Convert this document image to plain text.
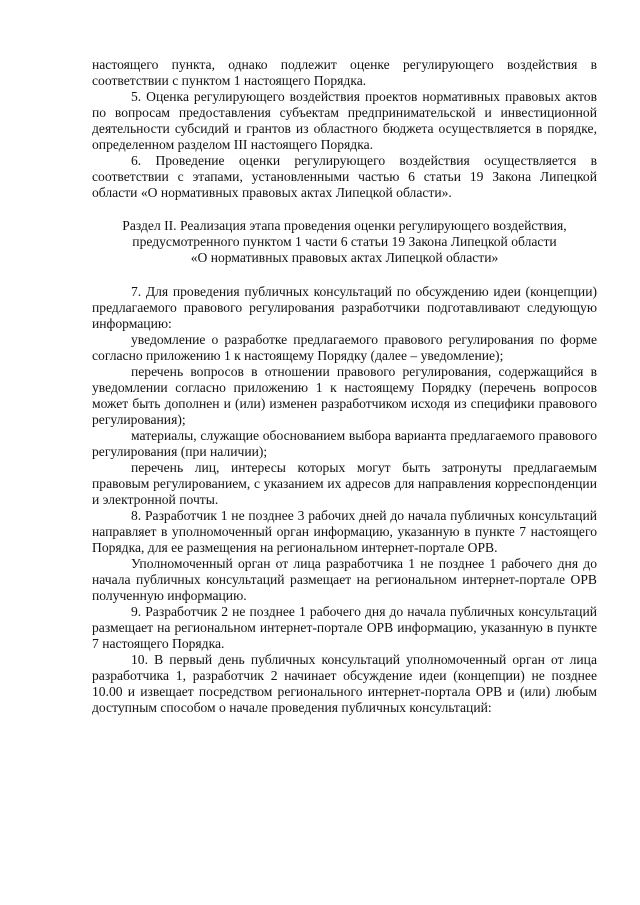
настоящего пункта, однако подлежит оценке регулирующего воздействия в соответствии с пунктом 1 настоящего Порядка.

5. Оценка регулирующего воздействия проектов нормативных правовых актов по вопросам предоставления субъектам предпринимательской и инвестиционной деятельности субсидий и грантов из областного бюджета осуществляется в порядке, определенном разделом III настоящего Порядка.

6. Проведение оценки регулирующего воздействия осуществляется в соответствии с этапами, установленными частью 6 статьи 19 Закона Липецкой области «О нормативных правовых актах Липецкой области».

Раздел II. Реализация этапа проведения оценки регулирующего воздействия,
предусмотренного пунктом 1 части 6 статьи 19 Закона Липецкой области
«О нормативных правовых актах Липецкой области»

7. Для проведения публичных консультаций по обсуждению идеи (концепции) предлагаемого правового регулирования разработчики подготавливают следующую информацию:

уведомление о разработке предлагаемого правового регулирования по форме согласно приложению 1 к настоящему Порядку (далее – уведомление);

перечень вопросов в отношении правового регулирования, содержащийся в уведомлении согласно приложению 1 к настоящему Порядку (перечень вопросов может быть дополнен и (или) изменен разработчиком исходя из специфики правового регулирования);

материалы, служащие обоснованием выбора варианта предлагаемого правового регулирования (при наличии);

перечень лиц, интересы которых могут быть затронуты предлагаемым правовым регулированием, с указанием их адресов для направления корреспонденции и электронной почты.

8. Разработчик 1 не позднее 3 рабочих дней до начала публичных консультаций направляет в уполномоченный орган информацию, указанную в пункте 7 настоящего Порядка, для ее размещения на региональном интернет-портале ОРВ.

Уполномоченный орган от лица разработчика 1 не позднее 1 рабочего дня до начала публичных консультаций размещает на региональном интернет-портале ОРВ полученную информацию.

9. Разработчик 2 не позднее 1 рабочего дня до начала публичных консультаций размещает на региональном интернет-портале ОРВ информацию, указанную в пункте 7 настоящего Порядка.

10. В первый день публичных консультаций уполномоченный орган от лица разработчика 1, разработчик 2 начинает обсуждение идеи (концепции) не позднее 10.00 и извещает посредством регионального интернет-портала ОРВ и (или) любым доступным способом о начале проведения публичных консультаций:
